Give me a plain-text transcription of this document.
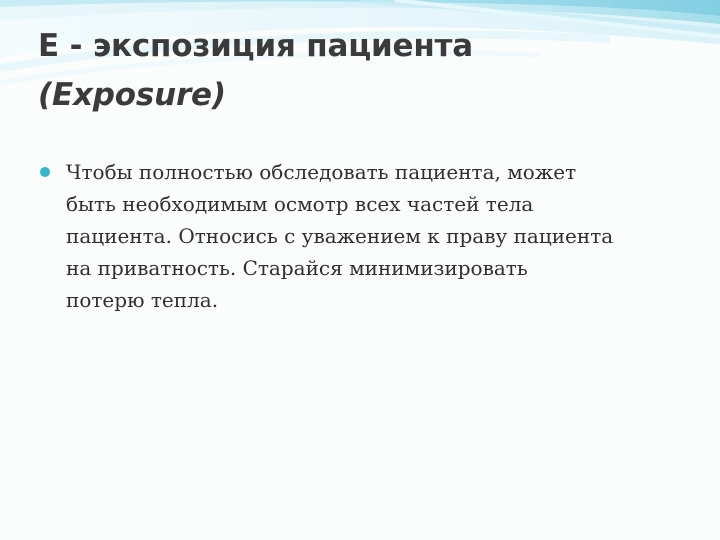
E - экспозиция пациента
(Exposure)
Чтобы полностью обследовать пациента, может
быть необходимым осмотр всех частей тела
пациента. Относись с уважением к праву пациента
на приватность. Старайся минимизировать
потерю тепла.
